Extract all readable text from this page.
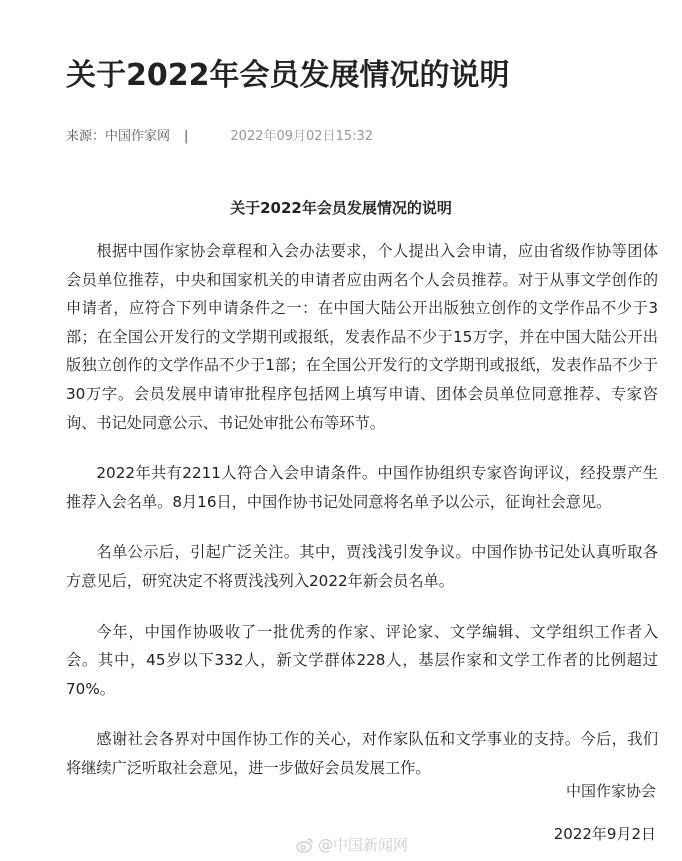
关于2022年会员发展情况的说明
来源：中国作家网 |	2022年09月02日15:32
关于2022年会员发展情况的说明

根据中国作家协会章程和入会办法要求，个人提出入会申请，应由省级作协等团体会员单位推荐，中央和国家机关的申请者应由两名个人会员推荐。对于从事文学创作的申请者，应符合下列申请条件之一：在中国大陆公开出版独立创作的文学作品不少于3部；在全国公开发行的文学期刊或报纸，发表作品不少于15万字，并在中国大陆公开出版独立创作的文学作品不少于1部；在全国公开发行的文学期刊或报纸，发表作品不少于30万字。会员发展申请审批程序包括网上填写申请、团体会员单位同意推荐、专家咨询、书记处同意公示、书记处审批公布等环节。

2022年共有2211人符合入会申请条件。中国作协组织专家咨询评议，经投票产生推荐入会名单。8月16日，中国作协书记处同意将名单予以公示，征询社会意见。

名单公示后，引起广泛关注。其中，贾浅浅引发争议。中国作协书记处认真听取各方意见后，研究决定不将贾浅浅列入2022年新会员名单。

今年，中国作协吸收了一批优秀的作家、评论家、文学编辑、文学组织工作者入会。其中，45岁以下332人，新文学群体228人，基层作家和文学工作者的比例超过70%。

感谢社会各界对中国作协工作的关心，对作家队伍和文学事业的支持。今后，我们将继续广泛听取社会意见，进一步做好会员发展工作。

中国作家协会
@中国新闻网
2022年9月2日
